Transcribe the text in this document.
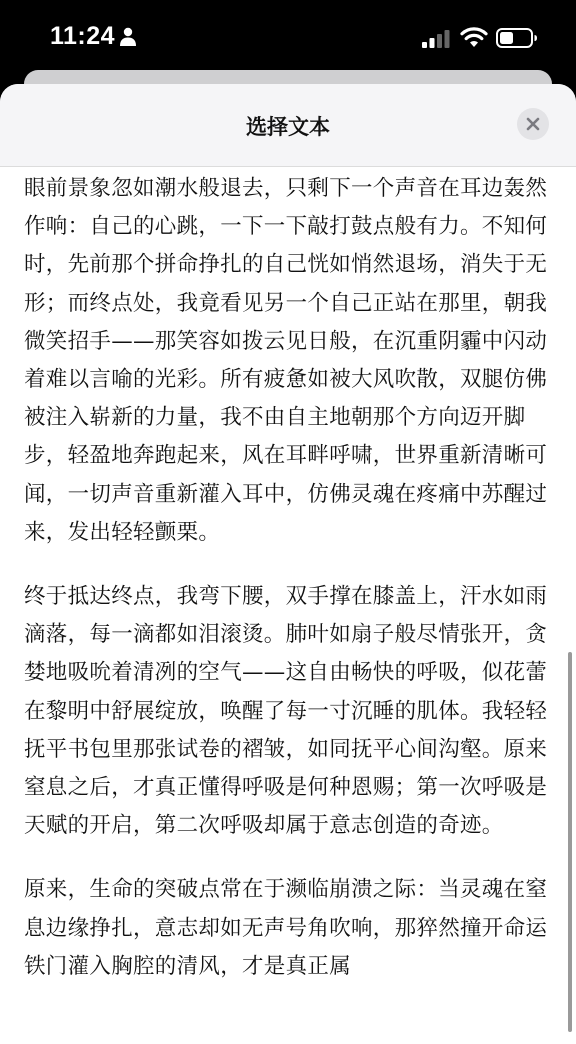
11:24
选择文本

眼前景象忽如潮水般退去，只剩下一个声音在耳边轰然作响：自己的心跳，一下一下敲打鼓点般有力。不知何时，先前那个拼命挣扎的自己恍如悄然退场，消失于无形；而终点处，我竟看见另一个自己正站在那里，朝我微笑招手——那笑容如拨云见日般，在沉重阴霾中闪动着难以言喻的光彩。所有疲惫如被大风吹散，双腿仿佛被注入崭新的力量，我不由自主地朝那个方向迈开脚步，轻盈地奔跑起来，风在耳畔呼啸，世界重新清晰可闻，一切声音重新灌入耳中，仿佛灵魂在疼痛中苏醒过来，发出轻轻颤栗。

终于抵达终点，我弯下腰，双手撑在膝盖上，汗水如雨滴落，每一滴都如泪滚烫。肺叶如扇子般尽情张开，贪婪地吸吮着清冽的空气——这自由畅快的呼吸，似花蕾在黎明中舒展绽放，唤醒了每一寸沉睡的肌体。我轻轻抚平书包里那张试卷的褶皱，如同抚平心间沟壑。原来窒息之后，才真正懂得呼吸是何种恩赐；第一次呼吸是天赋的开启，第二次呼吸却属于意志创造的奇迹。

原来，生命的突破点常在于濒临崩溃之际：当灵魂在窒息边缘挣扎，意志却如无声号角吹响，那猝然撞开命运铁门灌入胸腔的清风，才是真正属
